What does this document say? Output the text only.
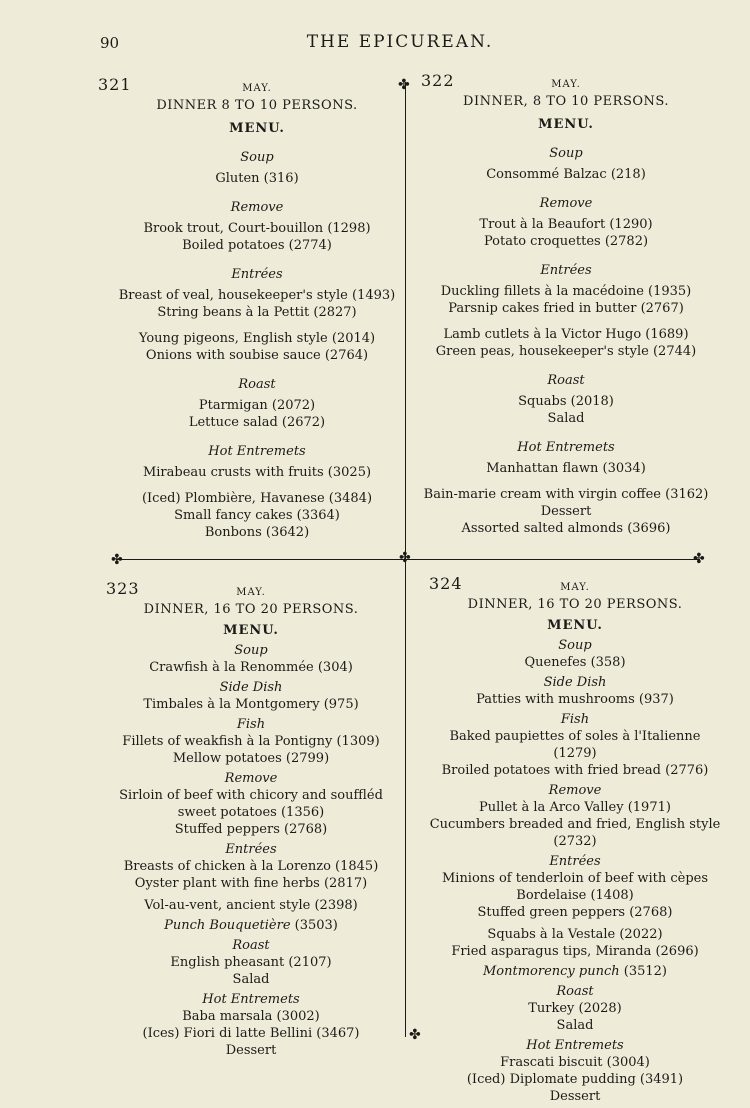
90	THE EPICUREAN.
✤
✤	✤	✤
✤
321	MAY.
DINNER 8 TO 10 PERSONS.
MENU.
Soup
Gluten (316)
Remove
Brook trout, Court-bouillon (1298)
Boiled potatoes (2774)
Entrées
Breast of veal, housekeeper's style (1493)
String beans à la Pettit (2827)
Young pigeons, English style (2014)
Onions with soubise sauce (2764)
Roast
Ptarmigan (2072)
Lettuce salad (2672)
Hot Entremets
Mirabeau crusts with fruits (3025)
(Iced) Plombière, Havanese (3484)
Small fancy cakes (3364)
Bonbons (3642)
322	MAY.
DINNER, 8 TO 10 PERSONS.
MENU.
Soup
Consommé Balzac (218)
Remove
Trout à la Beaufort (1290)
Potato croquettes (2782)
Entrées
Duckling fillets à la macédoine (1935)
Parsnip cakes fried in butter (2767)
Lamb cutlets à la Victor Hugo (1689)
Green peas, housekeeper's style (2744)
Roast
Squabs (2018)
Salad
Hot Entremets
Manhattan flawn (3034)
Bain-marie cream with virgin coffee (3162)
Dessert
Assorted salted almonds (3696)
323	MAY.
DINNER, 16 TO 20 PERSONS.
MENU.
Soup
Crawfish à la Renommée (304)
Side Dish
Timbales à la Montgomery (975)
Fish
Fillets of weakfish à la Pontigny (1309)
Mellow potatoes (2799)
Remove
Sirloin of beef with chicory and souffléd sweet potatoes (1356)
Stuffed peppers (2768)
Entrées
Breasts of chicken à la Lorenzo (1845)
Oyster plant with fine herbs (2817)
Vol-au-vent, ancient style (2398)
Punch Bouquetière (3503)
Roast
English pheasant (2107)
Salad
Hot Entremets
Baba marsala (3002)
(Ices) Fiori di latte Bellini (3467)
Dessert
324	MAY.
DINNER, 16 TO 20 PERSONS.
MENU.
Soup
Quenefes (358)
Side Dish
Patties with mushrooms (937)
Fish
Baked paupiettes of soles à l'Italienne (1279)
Broiled potatoes with fried bread (2776)
Remove
Pullet à la Arco Valley (1971)
Cucumbers breaded and fried, English style (2732)
Entrées
Minions of tenderloin of beef with cèpes Bordelaise (1408)
Stuffed green peppers (2768)
Squabs à la Vestale (2022)
Fried asparagus tips, Miranda (2696)
Montmorency punch (3512)
Roast
Turkey (2028)
Salad
Hot Entremets
Frascati biscuit (3004)
(Iced) Diplomate pudding (3491)
Dessert
